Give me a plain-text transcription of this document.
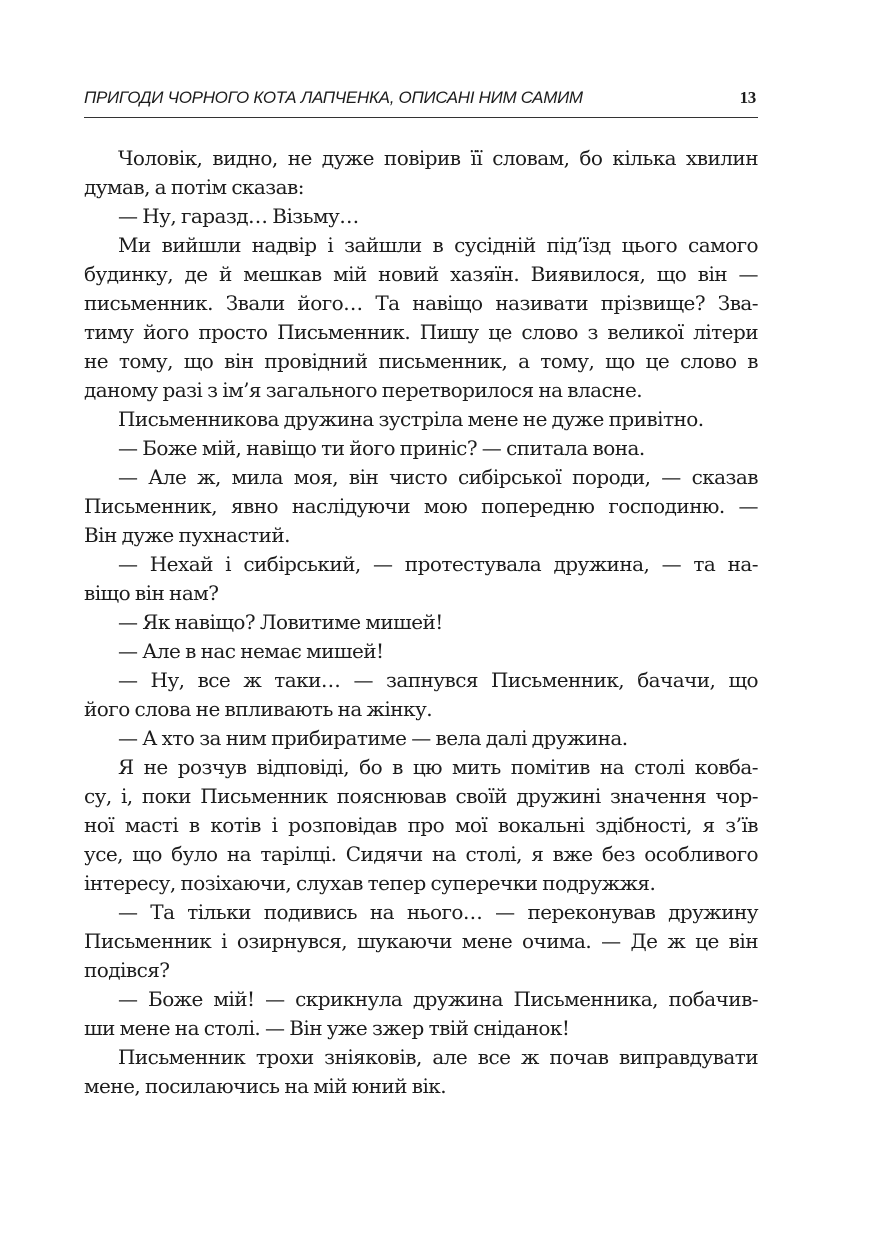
ПРИГОДИ ЧОРНОГО КОТА ЛАПЧЕНКА, ОПИСАНІ НИМ САМИМ	13
Чоловік, видно, не дуже повірив її словам, бо кілька хвилин
думав, а потім сказав:
— Ну, гаразд… Візьму…
Ми вийшли надвір і зайшли в сусідній під’їзд цього самого
будинку, де й мешкав мій новий хазяїн. Виявилося, що він —
письменник. Звали його… Та навіщо називати прізвище? Зва-
тиму його просто Письменник. Пишу це слово з великої літери
не тому, що він провідний письменник, а тому, що це слово в
даному разі з ім’я загального перетворилося на власне.
Письменникова дружина зустріла мене не дуже привітно.
— Боже мій, навіщо ти його приніс? — спитала вона.
— Але ж, мила моя, він чисто сибірської породи, — сказав
Письменник, явно наслідуючи мою попередню господиню. —
Він дуже пухнастий.
— Нехай і сибірський, — протестувала дружина, — та на-
віщо він нам?
— Як навіщо? Ловитиме мишей!
— Але в нас немає мишей!
— Ну, все ж таки… — запнувся Письменник, бачачи, що
його слова не впливають на жінку.
— А хто за ним прибиратиме — вела далі дружина.
Я не розчув відповіді, бо в цю мить помітив на столі ковба-
су, і, поки Письменник пояснював своїй дружині значення чор-
ної масті в котів і розповідав про мої вокальні здібності, я з’їв
усе, що було на тарілці. Сидячи на столі, я вже без особливого
інтересу, позіхаючи, слухав тепер суперечки подружжя.
— Та тільки подивись на нього… — переконував дружину
Письменник і озирнувся, шукаючи мене очима. — Де ж це він
подівся?
— Боже мій! — скрикнула дружина Письменника, побачив-
ши мене на столі. — Він уже зжер твій сніданок!
Письменник трохи зніяковів, але все ж почав виправдувати
мене, посилаючись на мій юний вік.
